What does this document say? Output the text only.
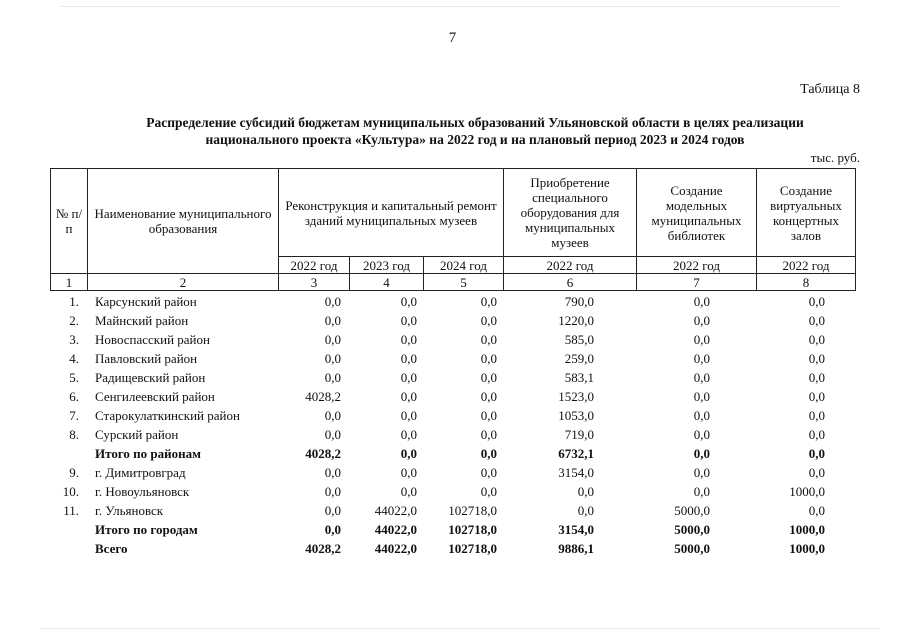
7
Таблица 8
Распределение субсидий бюджетам муниципальных образований Ульяновской области в целях реализации
национального проекта «Культура» на 2022 год и на плановый период 2023 и 2024 годов
тыс. руб.
№ п/п	Наименование муниципального образования	Реконструкция и капитальный ремонт зданий муниципальных музеев			Приобретение специального оборудования для муниципальных музеев	Создание модельных муниципальных библиотек	Создание виртуальных концертных залов
		2022 год	2023 год	2024 год	2022 год	2022 год	2022 год
1	2	3	4	5	6	7	8
1.	Карсунский район	0,0	0,0	0,0	790,0	0,0	0,0
2.	Майнский район	0,0	0,0	0,0	1220,0	0,0	0,0
3.	Новоспасский район	0,0	0,0	0,0	585,0	0,0	0,0
4.	Павловский район	0,0	0,0	0,0	259,0	0,0	0,0
5.	Радищевский район	0,0	0,0	0,0	583,1	0,0	0,0
6.	Сенгилеевский район	4028,2	0,0	0,0	1523,0	0,0	0,0
7.	Старокулаткинский район	0,0	0,0	0,0	1053,0	0,0	0,0
8.	Сурский район	0,0	0,0	0,0	719,0	0,0	0,0
	Итого по районам	4028,2	0,0	0,0	6732,1	0,0	0,0
9.	г. Димитровград	0,0	0,0	0,0	3154,0	0,0	0,0
10.	г. Новоульяновск	0,0	0,0	0,0	0,0	0,0	1000,0
11.	г. Ульяновск	0,0	44022,0	102718,0	0,0	5000,0	0,0
	Итого по городам	0,0	44022,0	102718,0	3154,0	5000,0	1000,0
	Всего	4028,2	44022,0	102718,0	9886,1	5000,0	1000,0
